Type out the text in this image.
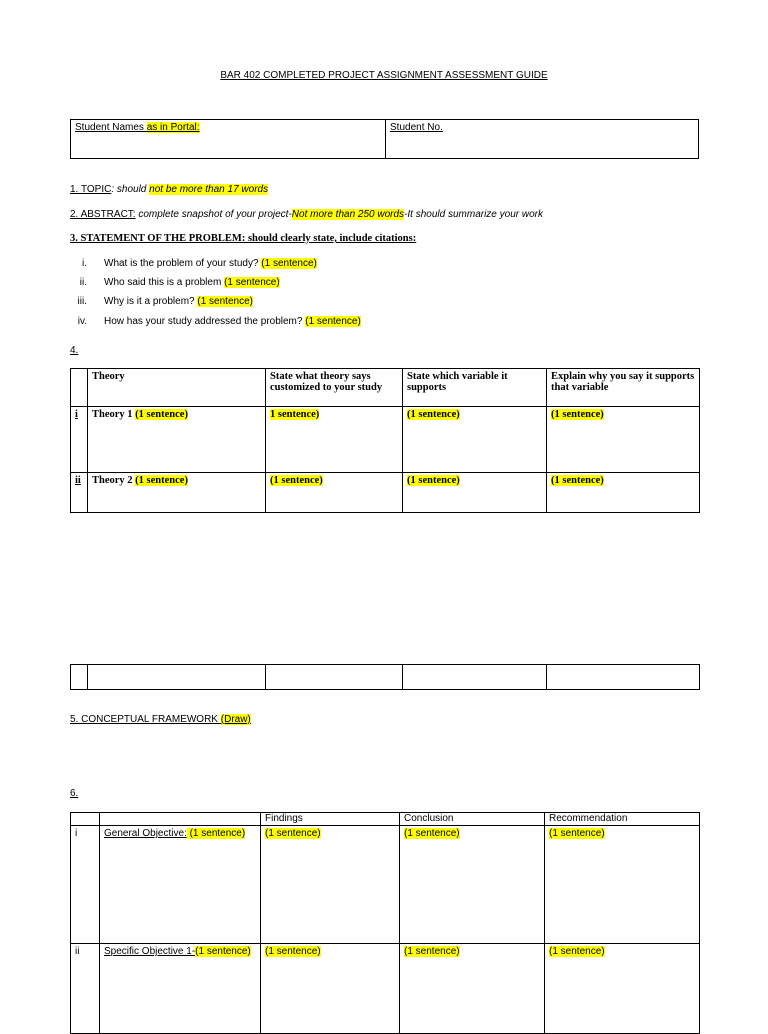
BAR 402 COMPLETED PROJECT ASSIGNMENT ASSESSMENT GUIDE
Student Names as in Portal:	Student No.
1. TOPIC: should not be more than 17 words
2. ABSTRACT: complete snapshot of your project-Not more than 250 words-It should summarize your work
3. STATEMENT OF THE PROBLEM: should clearly state, include citations:
i. What is the problem of your study? (1 sentence)
ii. Who said this is a problem (1 sentence)
iii. Why is it a problem? (1 sentence)
iv. How has your study addressed the problem? (1 sentence)
4.
	Theory	State what theory says customized to your study	State which variable it supports	Explain why you say it supports that variable
i	Theory 1 (1 sentence)	1 sentence)	(1 sentence)	(1 sentence)
ii	Theory 2 (1 sentence)	(1 sentence)	(1 sentence)	(1 sentence)

5. CONCEPTUAL FRAMEWORK (Draw)
6.
		Findings	Conclusion	Recommendation
i	General Objective: (1 sentence)	(1 sentence)	(1 sentence)	(1 sentence)
ii	Specific Objective 1-(1 sentence)	(1 sentence)	(1 sentence)	(1 sentence)
